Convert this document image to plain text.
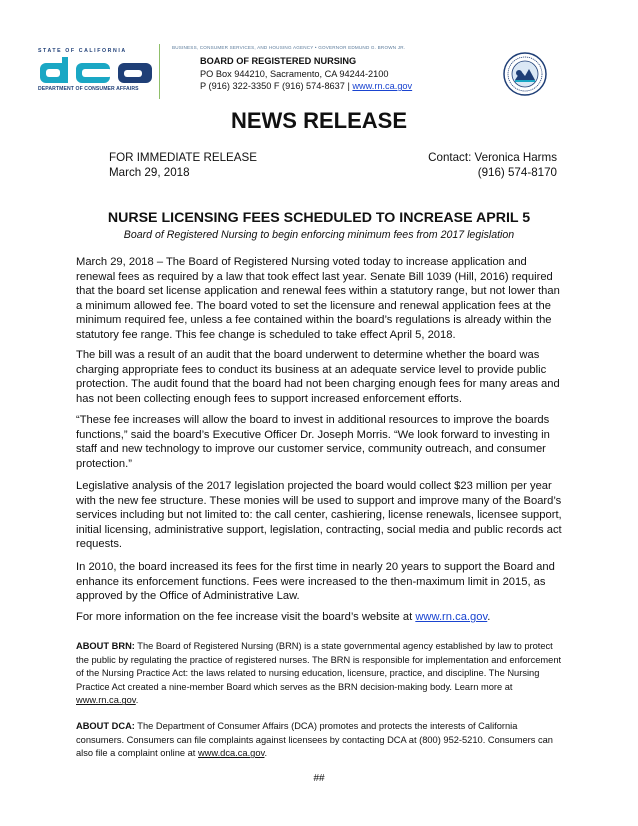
STATE OF CALIFORNIA
DEPARTMENT OF CONSUMER AFFAIRS
BUSINESS, CONSUMER SERVICES, AND HOUSING AGENCY • GOVERNOR EDMUND G. BROWN JR.
BOARD OF REGISTERED NURSING
PO Box 944210, Sacramento, CA 94244-2100
P (916) 322-3350 F (916) 574-8637 | www.rn.ca.gov
NEWS RELEASE
FOR IMMEDIATE RELEASE
March 29, 2018
Contact: Veronica Harms
(916) 574-8170
NURSE LICENSING FEES SCHEDULED TO INCREASE APRIL 5
Board of Registered Nursing to begin enforcing minimum fees from 2017 legislation
March 29, 2018 – The Board of Registered Nursing voted today to increase application and renewal fees as required by a law that took effect last year. Senate Bill 1039 (Hill, 2016) required that the board set license application and renewal fees within a statutory range, but not lower than a minimum allowed fee. The board voted to set the licensure and renewal application fees at the minimum required fee, unless a fee contained within the board’s regulations is already within the statutory fee range. This fee change is scheduled to take effect April 5, 2018.
The bill was a result of an audit that the board underwent to determine whether the board was charging appropriate fees to conduct its business at an adequate service level to provide public protection. The audit found that the board had not been charging enough fees for many areas and has not been collecting enough fees to support increased enforcement efforts.
“These fee increases will allow the board to invest in additional resources to improve the boards functions,” said the board’s Executive Officer Dr. Joseph Morris. “We look forward to investing in staff and new technology to improve our customer service, community outreach, and consumer protection.”
Legislative analysis of the 2017 legislation projected the board would collect $23 million per year with the new fee structure. These monies will be used to support and improve many of the Board’s services including but not limited to: the call center, cashiering, license renewals, licensee support, initial licensing, administrative support, legislation, contracting, social media and public records act requests.
In 2010, the board increased its fees for the first time in nearly 20 years to support the Board and enhance its enforcement functions. Fees were increased to the then-maximum limit in 2015, as approved by the Office of Administrative Law.
For more information on the fee increase visit the board’s website at www.rn.ca.gov.
ABOUT BRN: The Board of Registered Nursing (BRN) is a state governmental agency established by law to protect the public by regulating the practice of registered nurses. The BRN is responsible for implementation and enforcement of the Nursing Practice Act: the laws related to nursing education, licensure, practice, and discipline. The Nursing Practice Act created a nine-member Board which serves as the BRN decision-making body. Learn more at www.rn.ca.gov.
ABOUT DCA: The Department of Consumer Affairs (DCA) promotes and protects the interests of California consumers. Consumers can file complaints against licensees by contacting DCA at (800) 952-5210. Consumers can also file a complaint online at www.dca.ca.gov.
##
